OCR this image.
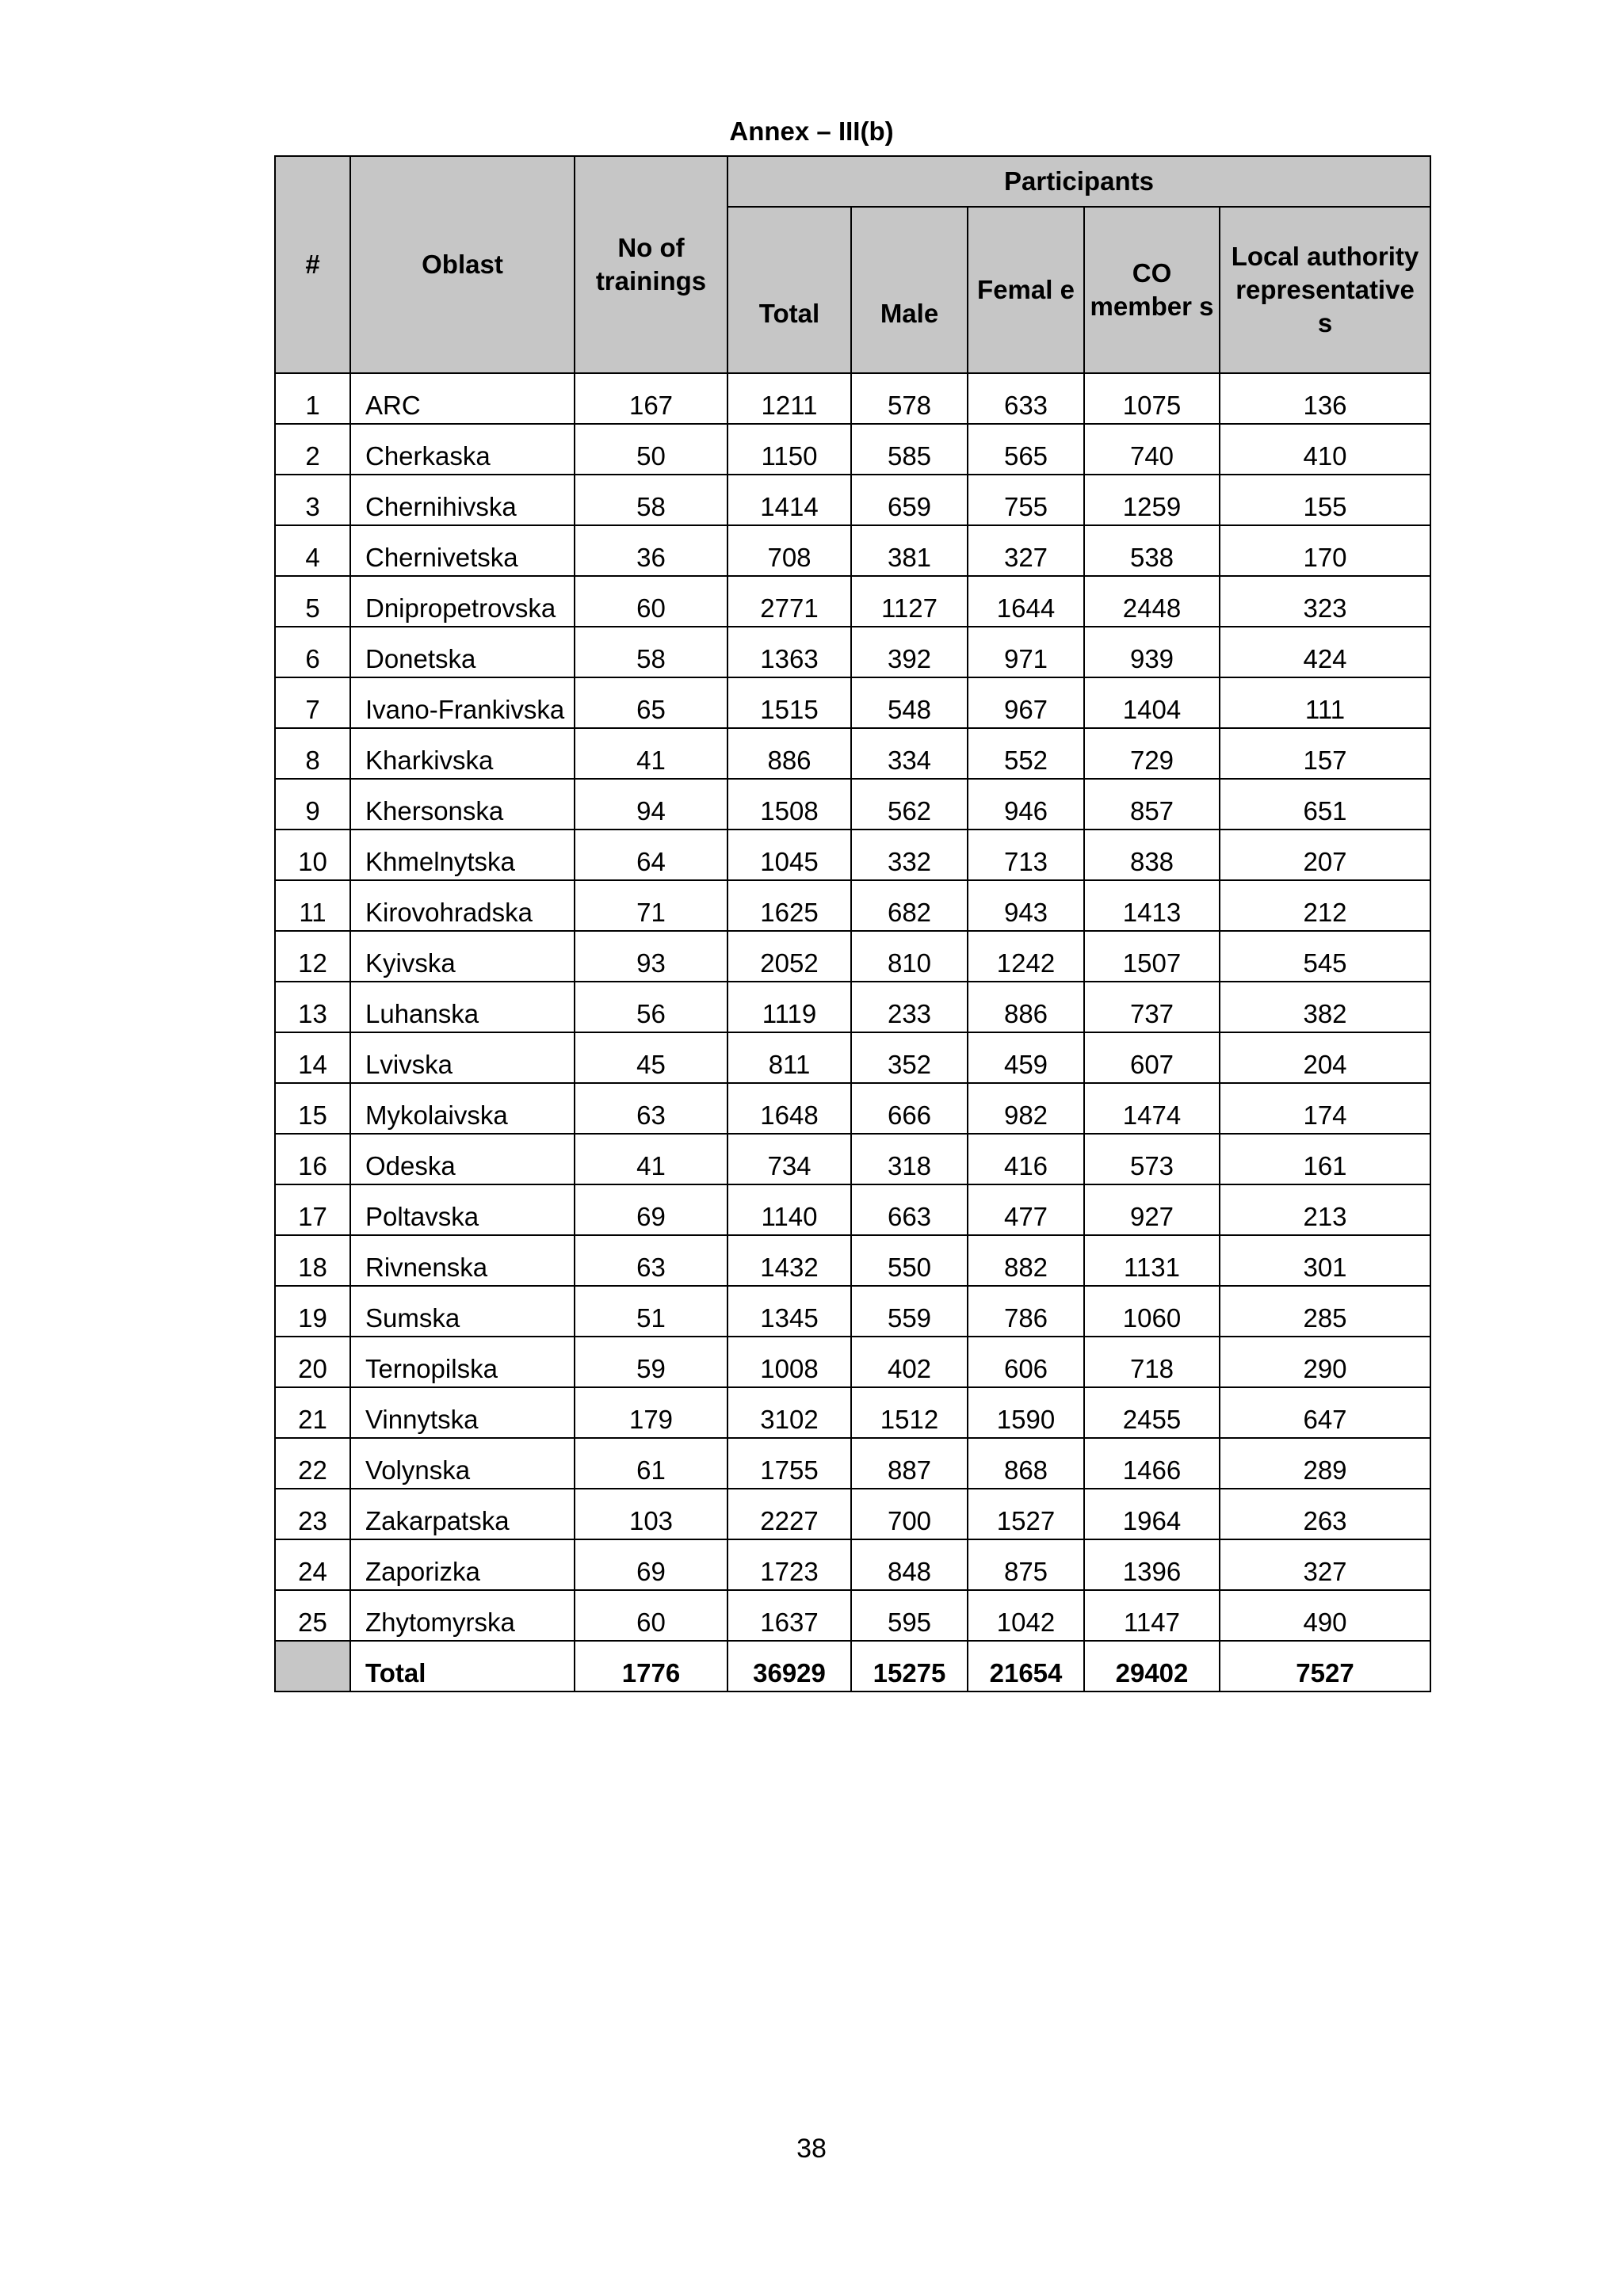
Annex – III(b)
#	Oblast	No of trainings	Participants				
			Total	Male	Femal e	CO member s	Local authority representative s
1	ARC	167	1211	578	633	1075	136
2	Cherkaska	50	1150	585	565	740	410
3	Chernihivska	58	1414	659	755	1259	155
4	Chernivetska	36	708	381	327	538	170
5	Dnipropetrovska	60	2771	1127	1644	2448	323
6	Donetska	58	1363	392	971	939	424
7	Ivano-Frankivska	65	1515	548	967	1404	111
8	Kharkivska	41	886	334	552	729	157
9	Khersonska	94	1508	562	946	857	651
10	Khmelnytska	64	1045	332	713	838	207
11	Kirovohradska	71	1625	682	943	1413	212
12	Kyivska	93	2052	810	1242	1507	545
13	Luhanska	56	1119	233	886	737	382
14	Lvivska	45	811	352	459	607	204
15	Mykolaivska	63	1648	666	982	1474	174
16	Odeska	41	734	318	416	573	161
17	Poltavska	69	1140	663	477	927	213
18	Rivnenska	63	1432	550	882	1131	301
19	Sumska	51	1345	559	786	1060	285
20	Ternopilska	59	1008	402	606	718	290
21	Vinnytska	179	3102	1512	1590	2455	647
22	Volynska	61	1755	887	868	1466	289
23	Zakarpatska	103	2227	700	1527	1964	263
24	Zaporizka	69	1723	848	875	1396	327
25	Zhytomyrska	60	1637	595	1042	1147	490
	Total	1776	36929	15275	21654	29402	7527

38
